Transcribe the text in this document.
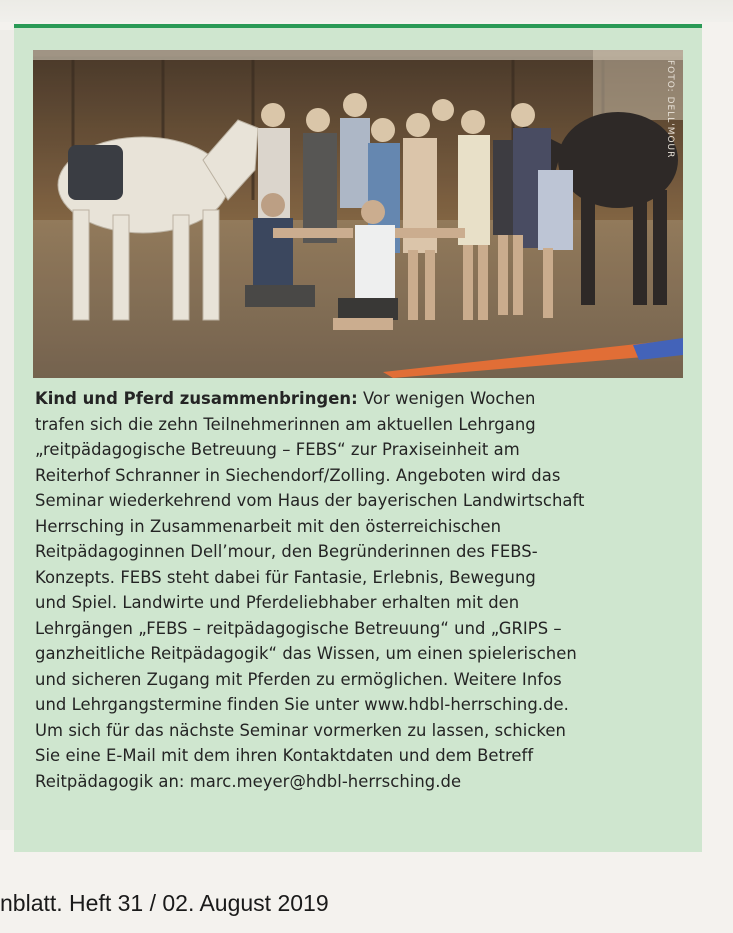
FOTO: DELL'MOUR

Kind und Pferd zusammenbringen: Vor wenigen Wochen

trafen sich die zehn Teilnehmerinnen am aktuellen Lehrgang

„reitpädagogische Betreuung – FEBS“ zur Praxiseinheit am

Reiterhof Schranner in Siechendorf/Zolling. Angeboten wird das

Seminar wiederkehrend vom Haus der bayerischen Landwirtschaft

Herrsching in Zusammenarbeit mit den österreichischen

Reitpädagoginnen Dell’mour, den Begründerinnen des FEBS-

Konzepts. FEBS steht dabei für Fantasie, Erlebnis, Bewegung

und Spiel. Landwirte und Pferdeliebhaber erhalten mit den

Lehrgängen „FEBS – reitpädagogische Betreuung“ und „GRIPS –

ganzheitliche Reitpädagogik“ das Wissen, um einen spielerischen

und sicheren Zugang mit Pferden zu ermöglichen. Weitere Infos

und Lehrgangstermine finden Sie unter www.hdbl-herrsching.de.

Um sich für das nächste Seminar vormerken zu lassen, schicken

Sie eine E-Mail mit dem ihren Kontaktdaten und dem Betreff

Reitpädagogik an: marc.meyer@hdbl-herrsching.de

nblatt. Heft 31 / 02. August 2019
